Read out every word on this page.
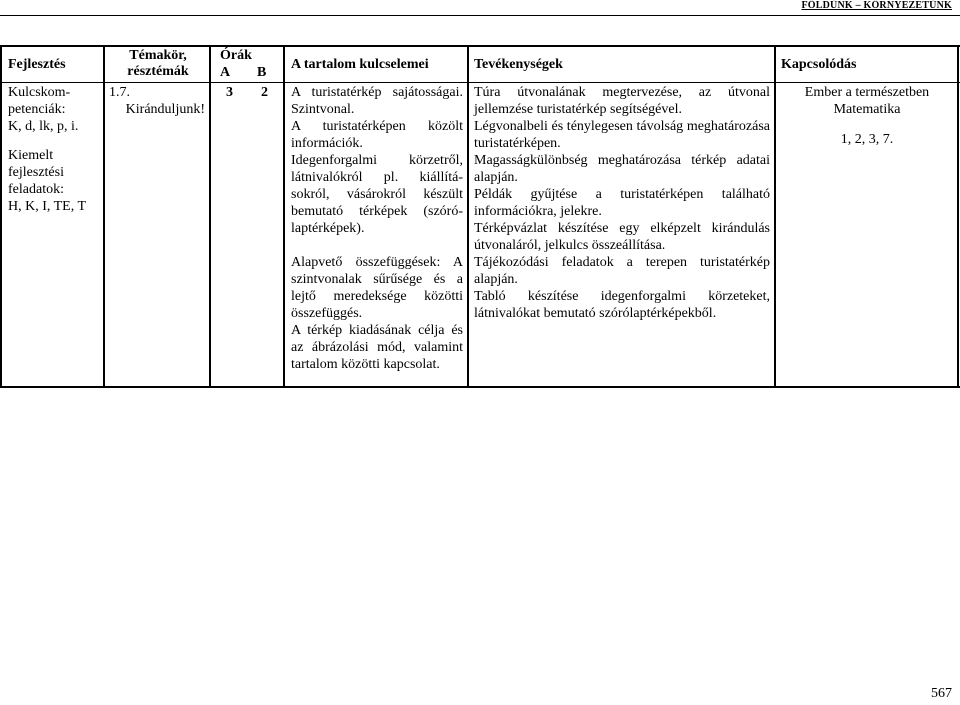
FÖLDÜNK – KÖRNYEZETÜNK
Fejlesztés
Témakör, résztémák
Órák
A B
A tartalom kulcselemei	Tevékenységek	Kapcsolódás

Kulcskom-petenciák:

K, d, lk, p, i.

Kiemelt fejlesztési feladatok:

H, K, I, TE, T

1.7.

Kiránduljunk!

3 2 A turistatérkép sajátosságai. Szintvonal.

A turistatérképen közölt információk.

Idegenforgalmi körzetről, látnivalókról pl. kiállítá-sokról, vásárokról készült bemutató térképek (szóró-laptérképek).

Alapvető összefüggések: A szintvonalak sűrűsége és a lejtő meredeksége közötti összefüggés.

A térkép kiadásának célja és az ábrázolási mód, valamint tartalom közötti kapcsolat.

Túra útvonalának megtervezése, az útvonal jellemzése turistatérkép segítségével.

Légvonalbeli és ténylegesen távolság meghatározása turistatérképen.

Magasságkülönbség meghatározása térkép adatai alapján.

Példák gyűjtése a turistatérképen található információkra, jelekre.

Térképvázlat készítése egy elképzelt kirándulás útvonaláról, jelkulcs összeállítása.

Tájékozódási feladatok a terepen turistatérkép alapján.

Tabló készítése idegenforgalmi körzeteket, látnivalókat bemutató szórólaptérképekből.

Ember a természetben

Matematika

1, 2, 3, 7.

567
